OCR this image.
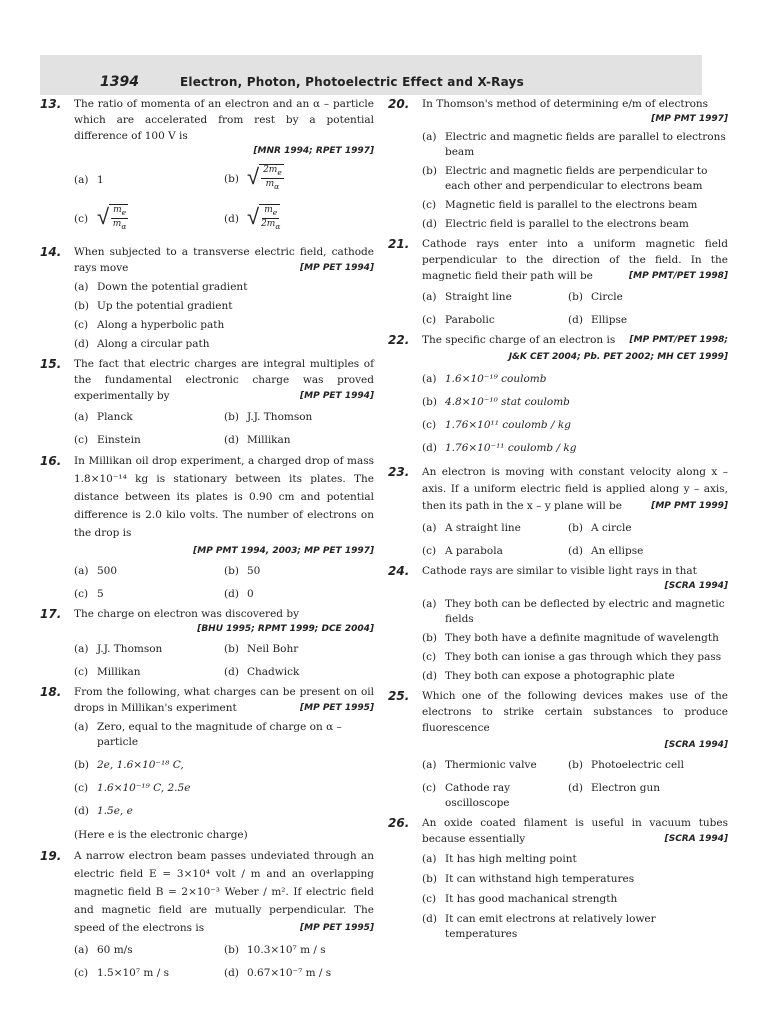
1394	Electron, Photon, Photoelectric Effect and X-Rays
13. The ratio of momenta of an electron and an α – particle which are accelerated from rest by a potential difference of 100 V is
[MNR 1994; RPET 1997]
(a) 1	(b) √ $\frac{2m_e}{m_\alpha}$
(c) √ $\frac{m_e}{m_\alpha}$	(d) √ $\frac{m_e}{2m_\alpha}$
14. When subjected to a transverse electric field, cathode rays move	[MP PET 1994]
(a) Down the potential gradient
(b) Up the potential gradient
(c) Along a hyperbolic path
(d) Along a circular path
15. The fact that electric charges are integral multiples of the fundamental electronic charge was proved experimentally by	[MP PET 1994]
(a) Planck	(b) J.J. Thomson
(c) Einstein	(d) Millikan
16. In Millikan oil drop experiment, a charged drop of mass 1.8×10⁻¹⁴ kg is stationary between its plates. The distance between its plates is 0.90 cm and potential difference is 2.0 kilo volts. The number of electrons on the drop is
[MP PMT 1994, 2003; MP PET 1997]
(a) 500	(b) 50
(c) 5	(d) 0
17. The charge on electron was discovered by
[BHU 1995; RPMT 1999; DCE 2004]
(a) J.J. Thomson	(b) Neil Bohr
(c) Millikan	(d) Chadwick
18. From the following, what charges can be present on oil drops in Millikan's experiment	[MP PET 1995]
(a) Zero, equal to the magnitude of charge on α – particle
(b) 2e, 1.6×10⁻¹⁸ C,
(c) 1.6×10⁻¹⁹ C, 2.5e
(d) 1.5e, e
(Here e is the electronic charge)
19. A narrow electron beam passes undeviated through an electric field E = 3×10⁴ volt / m and an overlapping magnetic field B = 2×10⁻³ Weber / m². If electric field and magnetic field are mutually perpendicular. The speed of the electrons is	[MP PET 1995]
(a) 60 m/s	(b) 10.3×10⁷ m / s
(c) 1.5×10⁷ m / s	(d) 0.67×10⁻⁷ m / s
20. In Thomson's method of determining e/m of electrons
[MP PMT 1997]
(a) Electric and magnetic fields are parallel to electrons beam
(b) Electric and magnetic fields are perpendicular to each other and perpendicular to electrons beam
(c) Magnetic field is parallel to the electrons beam
(d) Electric field is parallel to the electrons beam
21. Cathode rays enter into a uniform magnetic field perpendicular to the direction of the field. In the magnetic field their path will be	[MP PMT/PET 1998]
(a) Straight line	(b) Circle
(c) Parabolic	(d) Ellipse
22. The specific charge of an electron is [MP PMT/PET 1998;
J&K CET 2004; Pb. PET 2002; MH CET 1999]
(a) 1.6×10⁻¹⁹ coulomb
(b) 4.8×10⁻¹⁰ stat coulomb
(c) 1.76×10¹¹ coulomb / kg
(d) 1.76×10⁻¹¹ coulomb / kg
23. An electron is moving with constant velocity along x – axis. If a uniform electric field is applied along y – axis, then its path in the x – y plane will be	[MP PMT 1999]
(a) A straight line	(b) A circle
(c) A parabola	(d) An ellipse
24. Cathode rays are similar to visible light rays in that
[SCRA 1994]
(a) They both can be deflected by electric and magnetic fields
(b) They both have a definite magnitude of wavelength
(c) They both can ionise a gas through which they pass
(d) They both can expose a photographic plate
25. Which one of the following devices makes use of the electrons to strike certain substances to produce fluorescence
[SCRA 1994]
(a) Thermionic valve	(b) Photoelectric cell
(c) Cathode ray oscilloscope
(d) Electron gun
26. An oxide coated filament is useful in vacuum tubes because essentially	[SCRA 1994]
(a) It has high melting point
(b) It can withstand high temperatures
(c) It has good machanical strength
(d) It can emit electrons at relatively lower temperatures
